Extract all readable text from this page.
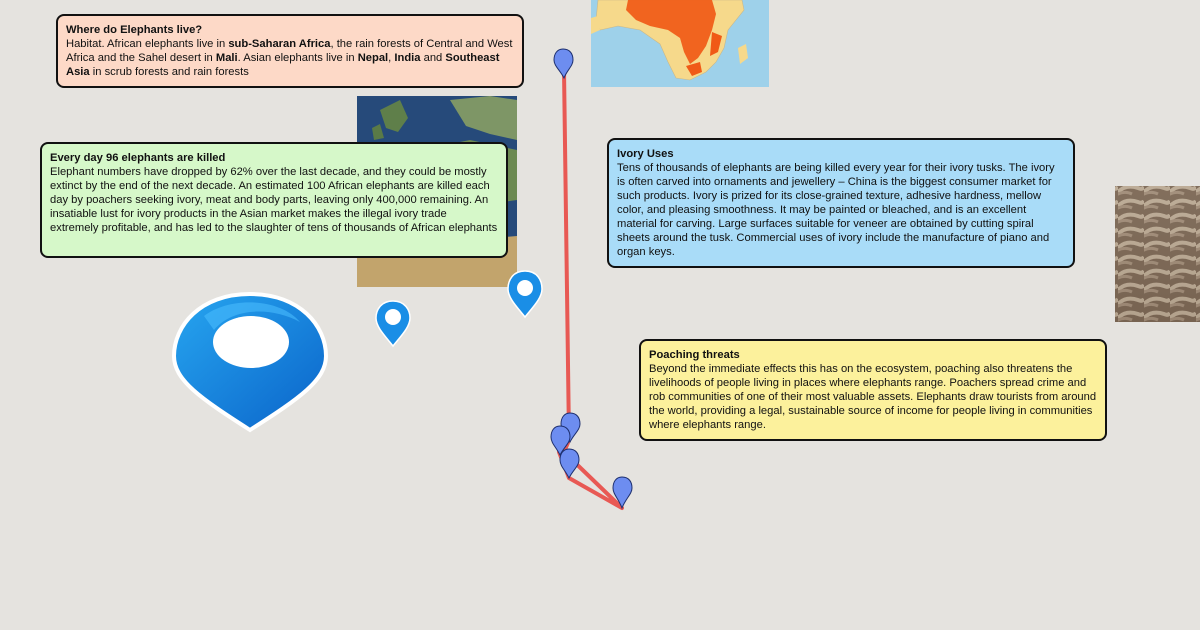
Where do Elephants live?
Habitat. African elephants live in sub-Saharan Africa, the rain forests of Central and West Africa and the Sahel desert in Mali. Asian elephants live in Nepal, India and Southeast Asia in scrub forests and rain forests
Every day 96 elephants are killed
Elephant numbers have dropped by 62% over the last decade, and they could be mostly extinct by the end of the next decade. An estimated 100 African elephants are killed each day by poachers seeking ivory, meat and body parts, leaving only 400,000 remaining. An insatiable lust for ivory products in the Asian market makes the illegal ivory trade extremely profitable, and has led to the slaughter of tens of thousands of African elephants
Ivory Uses
Tens of thousands of elephants are being killed every year for their ivory tusks. The ivory is often carved into ornaments and jewellery – China is the biggest consumer market for such products. Ivory is prized for its close-grained texture, adhesive hardness, mellow color, and pleasing smoothness. It may be painted or bleached, and is an excellent material for carving. Large surfaces suitable for veneer are obtained by cutting spiral sheets around the tusk. Commercial uses of ivory include the manufacture of piano and organ keys.
Poaching threats
Beyond the immediate effects this has on the ecosystem, poaching also threatens the livelihoods of people living in places where elephants range. Poachers spread crime and rob communities of one of their most valuable assets. Elephants draw tourists from around the world, providing a legal, sustainable source of income for people living in communities where elephants range.
